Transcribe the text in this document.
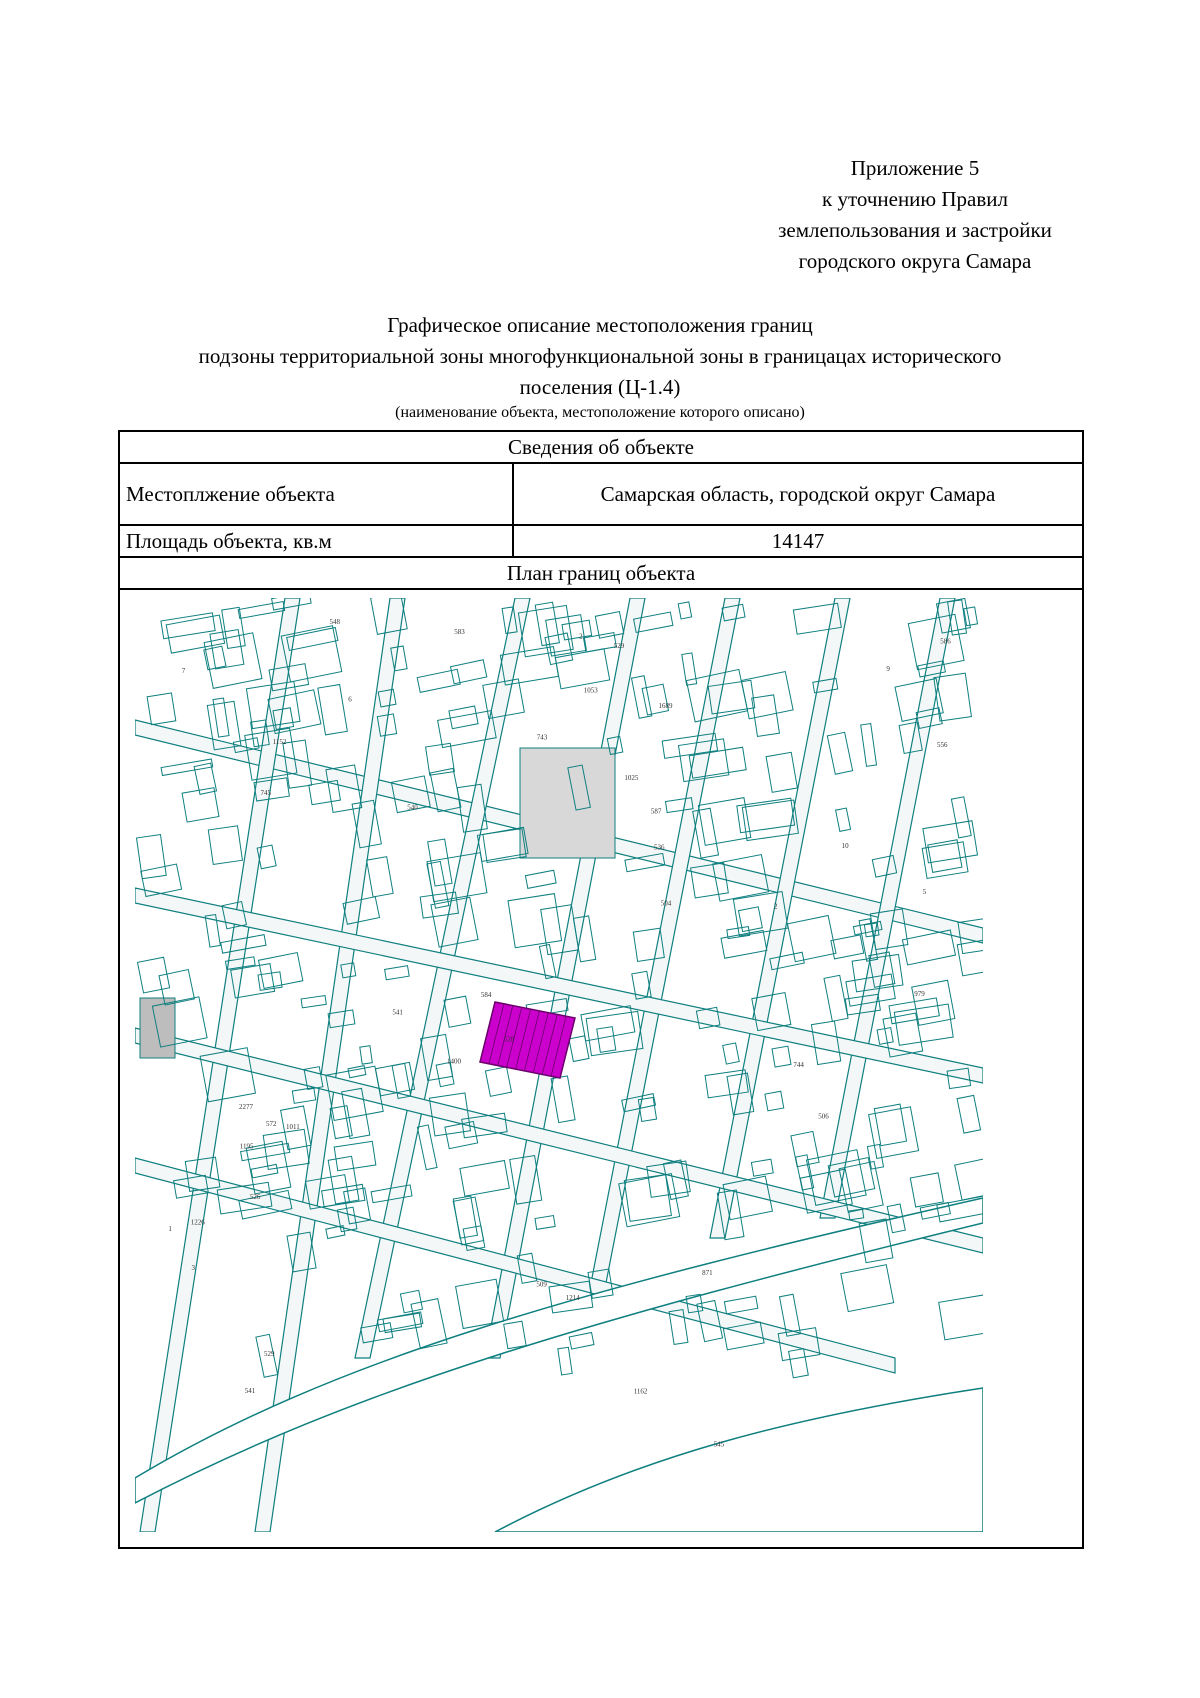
Приложение 5
к уточнению Правил
землепользования и застройки
городского округа Самара
Графическое описание местоположения границ
подзоны территориальной зоны многофункциональной зоны в границацах исторического
поселения (Ц-1.4)
(наименование объекта, местоположение которого описано)
Сведения об объекте
Местоплжение объекта	Самарская область, городской округ Самара
Площадь объекта, кв.м	14147
План границ объекта
529
2277
979
556
871
10
1400
1025
1053
504
1152
540
541
545
2
572
529
1214
1226
1195
1162
1011
1689
526
506
509
584
583
586
744
745
743
536
528
541
548
587
2
9
1
6
3
5
7
